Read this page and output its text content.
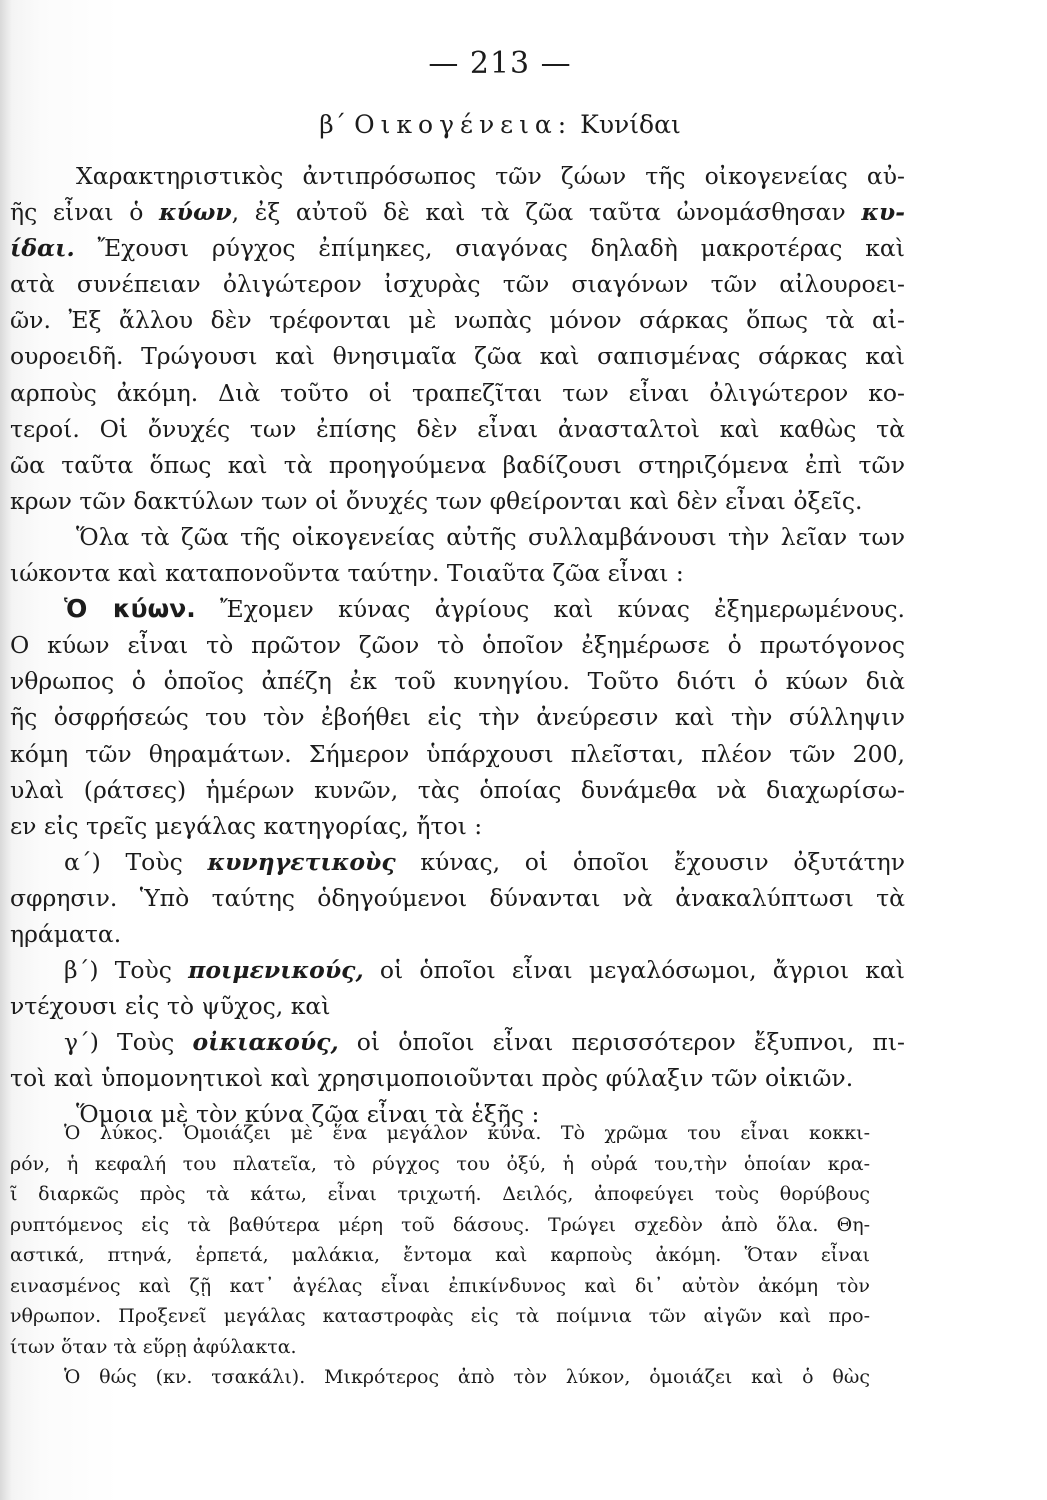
— 213 —
β΄ Οικογένεια: Κυνίδαι

Χαρακτηριστικὸς ἀντιπρόσωπος τῶν ζώων τῆς οἰκογενείας αὐ-

ῆς εἶναι ὁ κύων, ἐξ αὐτοῦ δὲ καὶ τὰ ζῶα ταῦτα ὠνομάσθησαν κυ-

ίδαι. Ἔχουσι ρύγχος ἐπίμηκες, σιαγόνας δηλαδὴ μακροτέρας καὶ

ατὰ συνέπειαν ὀλιγώτερον ἰσχυρὰς τῶν σιαγόνων τῶν αἰλουροει-

ῶν. Ἐξ ἄλλου δὲν τρέφονται μὲ νωπὰς μόνον σάρκας ὅπως τὰ αἰ-

ουροειδῆ. Τρώγουσι καὶ θνησιμαῖα ζῶα καὶ σαπισμένας σάρκας καὶ

αρποὺς ἀκόμη. Διὰ τοῦτο οἱ τραπεζῖται των εἶναι ὀλιγώτερον κο-

τεροί. Οἱ ὄνυχές των ἐπίσης δὲν εἶναι ἀνασταλτοὶ καὶ καθὼς τὰ

ῶα ταῦτα ὅπως καὶ τὰ προηγούμενα βαδίζουσι στηριζόμενα ἐπὶ τῶν

κρων τῶν δακτύλων των οἱ ὄνυχές των φθείρονται καὶ δὲν εἶναι ὀξεῖς.

Ὅλα τὰ ζῶα τῆς οἰκογενείας αὐτῆς συλλαμβάνουσι τὴν λεῖαν των

ιώκοντα καὶ καταπονοῦντα ταύτην. Τοιαῦτα ζῶα εἶναι :

Ὁ κύων. Ἔχομεν κύνας ἀγρίους καὶ κύνας ἐξημερωμένους.

Ο κύων εἶναι τὸ πρῶτον ζῶον τὸ ὁποῖον ἐξημέρωσε ὁ πρωτόγονος

νθρωπος ὁ ὁποῖος ἀπέζη ἐκ τοῦ κυνηγίου. Τοῦτο διότι ὁ κύων διὰ

ῆς ὀσφρήσεώς του τὸν ἐβοήθει εἰς τὴν ἀνεύρεσιν καὶ τὴν σύλληψιν

κόμη τῶν θηραμάτων. Σήμερον ὑπάρχουσι πλεῖσται, πλέον τῶν 200,

υλαὶ (ράτσες) ἡμέρων κυνῶν, τὰς ὁποίας δυνάμεθα νὰ διαχωρίσω-

εν εἰς τρεῖς μεγάλας κατηγορίας, ἤτοι :

α΄) Τοὺς κυνηγετικοὺς κύνας, οἱ ὁποῖοι ἔχουσιν ὀξυτάτην

σφρησιν. Ὑπὸ ταύτης ὁδηγούμενοι δύνανται νὰ ἀνακαλύπτωσι τὰ

ηράματα.

β΄) Τοὺς ποιμενικούς, οἱ ὁποῖοι εἶναι μεγαλόσωμοι, ἄγριοι καὶ

ντέχουσι εἰς τὸ ψῦχος, καὶ

γ΄) Τοὺς οἰκιακούς, οἱ ὁποῖοι εἶναι περισσότερον ἔξυπνοι, πι-

τοὶ καὶ ὑπομονητικοὶ καὶ χρησιμοποιοῦνται πρὸς φύλαξιν τῶν οἰκιῶν.

Ὅμοια μὲ τὸν κύνα ζῶα εἶναι τὰ ἑξῆς :

Ὁ λύκος. Ὁμοιάζει μὲ ἕνα μεγάλον κύνα. Τὸ χρῶμα του εἶναι κοκκι-

ρόν, ἡ κεφαλή του πλατεῖα, τὸ ρύγχος του ὀξύ, ἡ οὐρά του,τὴν ὁποίαν κρα-

ῖ διαρκῶς πρὸς τὰ κάτω, εἶναι τριχωτή. Δειλός, ἀποφεύγει τοὺς θορύβους

ρυπτόμενος εἰς τὰ βαθύτερα μέρη τοῦ δάσους. Τρώγει σχεδὸν ἀπὸ ὅλα. Θη-

αστικά, πτηνά, ἑρπετά, μαλάκια, ἔντομα καὶ καρποὺς ἀκόμη. Ὅταν εἶναι

εινασμένος καὶ ζῇ κατ᾽ ἀγέλας εἶναι ἐπικίνδυνος καὶ δι᾽ αὐτὸν ἀκόμη τὸν

νθρωπον. Προξενεῖ μεγάλας καταστροφὰς εἰς τὰ ποίμνια τῶν αἰγῶν καὶ προ-

ίτων ὅταν τὰ εὕρῃ ἀφύλακτα.

Ὁ θώς (κν. τσακάλι). Μικρότερος ἀπὸ τὸν λύκον, ὁμοιάζει καὶ ὁ θὼς
